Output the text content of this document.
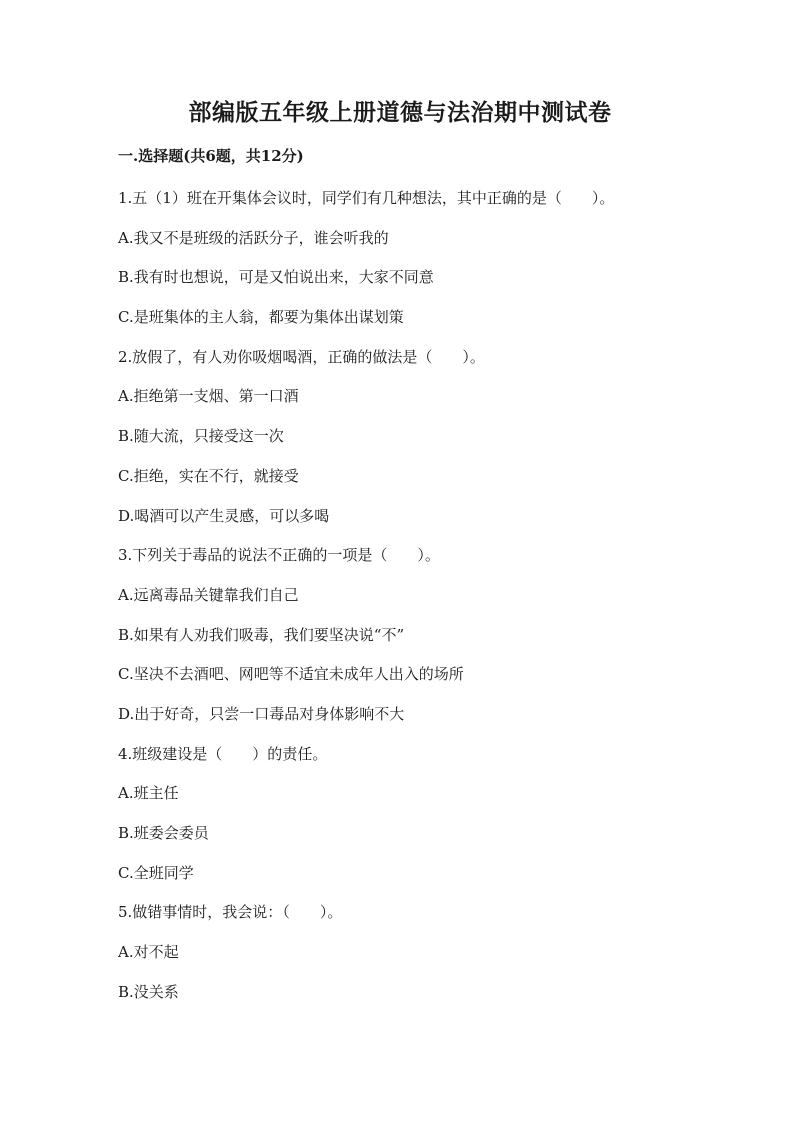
部编版五年级上册道德与法治期中测试卷
一.选择题(共6题，共12分)
1.五（1）班在开集体会议时，同学们有几种想法，其中正确的是（　　）。
A.我又不是班级的活跃分子，谁会听我的
B.我有时也想说，可是又怕说出来，大家不同意
C.是班集体的主人翁，都要为集体出谋划策
2.放假了，有人劝你吸烟喝酒，正确的做法是（　　）。
A.拒绝第一支烟、第一口酒
B.随大流，只接受这一次
C.拒绝，实在不行，就接受
D.喝酒可以产生灵感，可以多喝
3.下列关于毒品的说法不正确的一项是（　　）。
A.远离毒品关键靠我们自己
B.如果有人劝我们吸毒，我们要坚决说“不”
C.坚决不去酒吧、网吧等不适宜未成年人出入的场所
D.出于好奇，只尝一口毒品对身体影响不大
4.班级建设是（　　）的责任。
A.班主任
B.班委会委员
C.全班同学
5.做错事情时，我会说：（　　）。
A.对不起
B.没关系
